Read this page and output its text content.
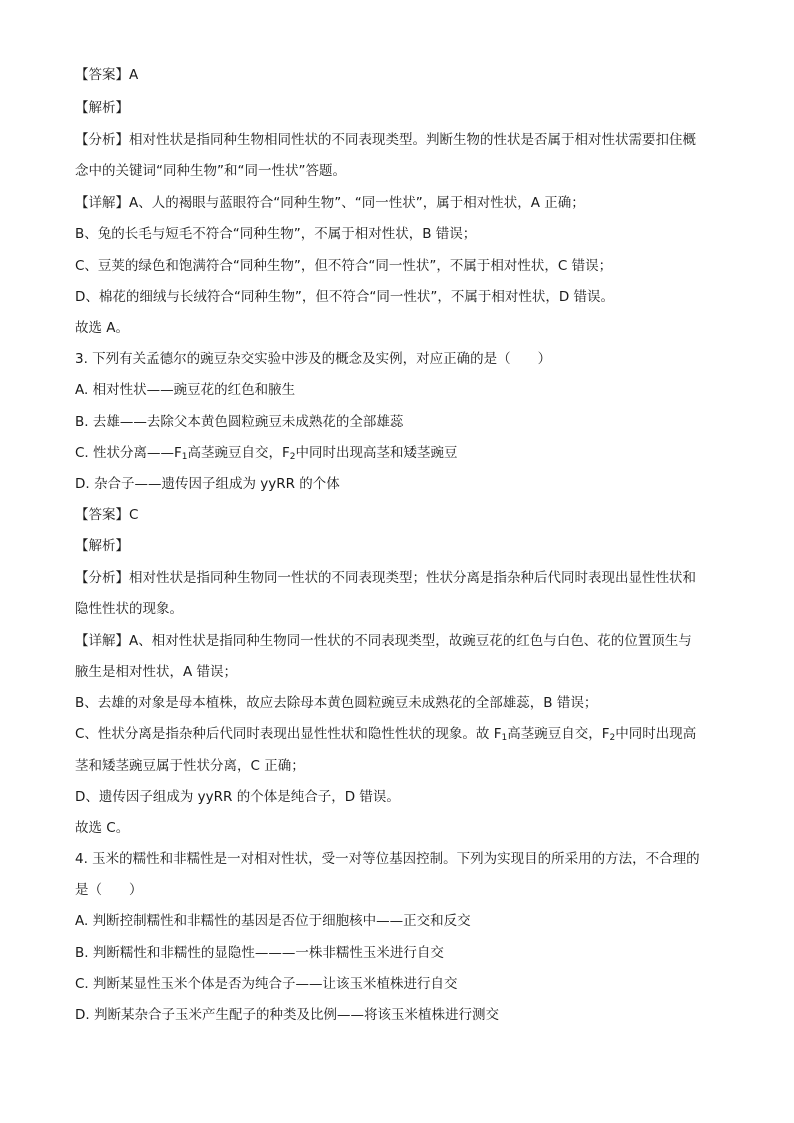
【答案】A
【解析】
【分析】相对性状是指同种生物相同性状的不同表现类型。判断生物的性状是否属于相对性状需要扣住概
念中的关键词“同种生物”和“同一性状”答题。
【详解】A、人的褐眼与蓝眼符合“同种生物”、“同一性状”，属于相对性状，A 正确；
B、兔的长毛与短毛不符合“同种生物”，不属于相对性状，B 错误；
C、豆荚的绿色和饱满符合“同种生物”，但不符合“同一性状”，不属于相对性状，C 错误；
D、棉花的细绒与长绒符合“同种生物”，但不符合“同一性状”，不属于相对性状，D 错误。
故选 A。
3. 下列有关孟德尔的豌豆杂交实验中涉及的概念及实例，对应正确的是（　　）
A. 相对性状——豌豆花的红色和腋生
B. 去雄——去除父本黄色圆粒豌豆未成熟花的全部雄蕊
C. 性状分离$——F_1$高茎豌豆自交，$F_2$中同时出现高茎和矮茎豌豆
D. 杂合子——遗传因子组成为 yyRR 的个体
【答案】C
【解析】
【分析】相对性状是指同种生物同一性状的不同表现类型；性状分离是指杂种后代同时表现出显性性状和
隐性性状的现象。
【详解】A、相对性状是指同种生物同一性状的不同表现类型，故豌豆花的红色与白色、花的位置顶生与
腋生是相对性状，A 错误；
B、去雄的对象是母本植株，故应去除母本黄色圆粒豌豆未成熟花的全部雄蕊，B 错误；
C、性状分离是指杂种后代同时表现出显性性状和隐性性状的现象。故 $F_1$高茎豌豆自交，$F_2$中同时出现高
茎和矮茎豌豆属于性状分离，C 正确；
D、遗传因子组成为 yyRR 的个体是纯合子，D 错误。
故选 C。
4. 玉米的糯性和非糯性是一对相对性状，受一对等位基因控制。下列为实现目的所采用的方法，不合理的
是（　　）
A. 判断控制糯性和非糯性的基因是否位于细胞核中——正交和反交
B. 判断糯性和非糯性的显隐性———一株非糯性玉米进行自交
C. 判断某显性玉米个体是否为纯合子——让该玉米植株进行自交
D. 判断某杂合子玉米产生配子的种类及比例——将该玉米植株进行测交
